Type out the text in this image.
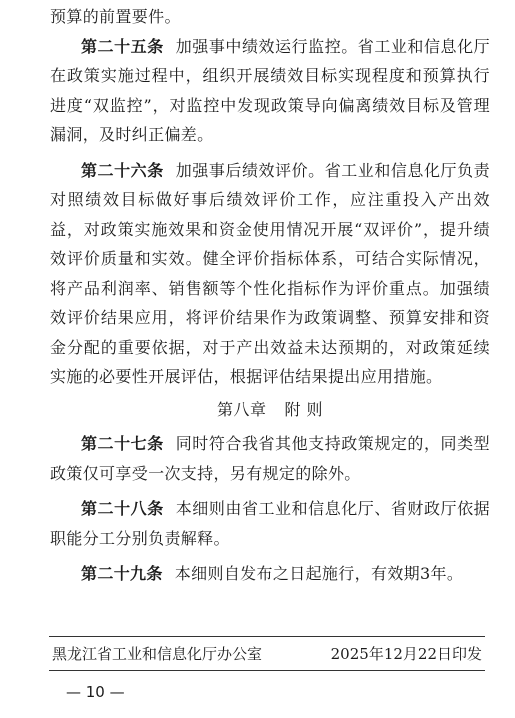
预算的前置要件。

第二十五条 加强事中绩效运行监控。省工业和信息化厅在政策实施过程中，组织开展绩效目标实现程度和预算执行进度“双监控”，对监控中发现政策导向偏离绩效目标及管理漏洞，及时纠正偏差。

第二十六条 加强事后绩效评价。省工业和信息化厅负责对照绩效目标做好事后绩效评价工作，应注重投入产出效益，对政策实施效果和资金使用情况开展“双评价”，提升绩效评价质量和实效。健全评价指标体系，可结合实际情况，将产品利润率、销售额等个性化指标作为评价重点。加强绩效评价结果应用，将评价结果作为政策调整、预算安排和资金分配的重要依据，对于产出效益未达预期的，对政策延续实施的必要性开展评估，根据评估结果提出应用措施。

第八章 附 则

第二十七条 同时符合我省其他支持政策规定的，同类型政策仅可享受一次支持，另有规定的除外。

第二十八条 本细则由省工业和信息化厅、省财政厅依据职能分工分别负责解释。

第二十九条 本细则自发布之日起施行，有效期3年。

黑龙江省工业和信息化厅办公室	2025年12月22日印发
— 10 —
